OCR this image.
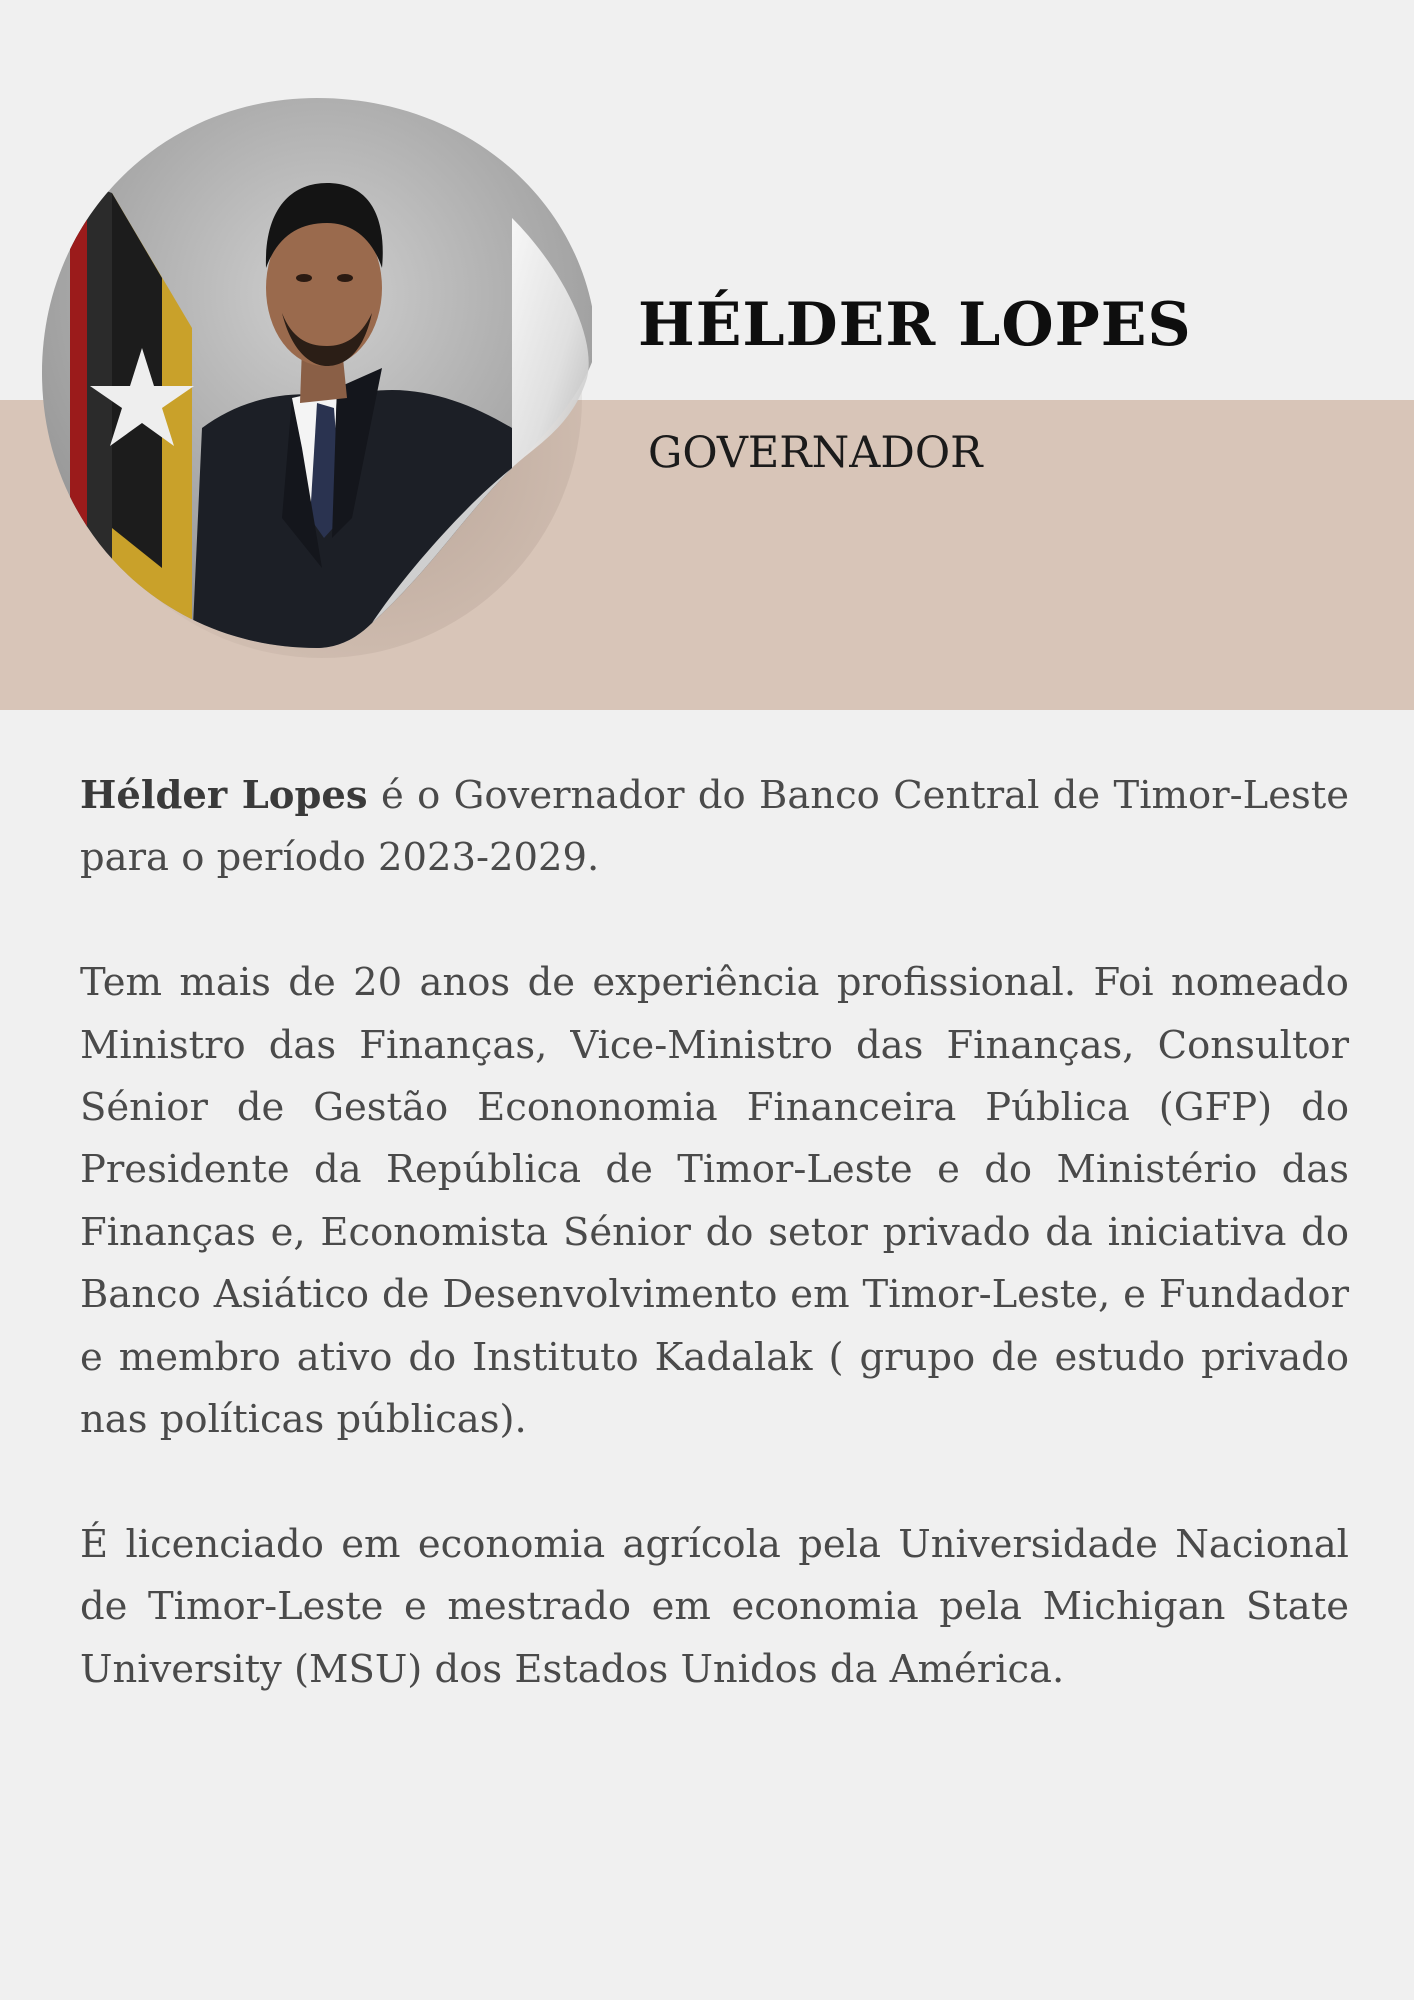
HÉLDER LOPES
GOVERNADOR

Hélder Lopes é o Governador do Banco Central de Timor-Leste para o período 2023-2029.

Tem mais de 20 anos de experiência profissional. Foi nomeado Ministro das Finanças, Vice-Ministro das Finanças, Consultor Sénior de Gestão Econonomia Financeira Pública (GFP) do Presidente da República de Timor-Leste e do Ministério das Finanças e, Economista Sénior do setor privado da iniciativa do Banco Asiático de Desenvolvimento em Timor-Leste, e Fundador e membro ativo do Instituto Kadalak ( grupo de estudo privado nas políticas públicas).

É licenciado em economia agrícola pela Universidade Nacional de Timor-Leste e mestrado em economia pela Michigan State University (MSU) dos Estados Unidos da América.
